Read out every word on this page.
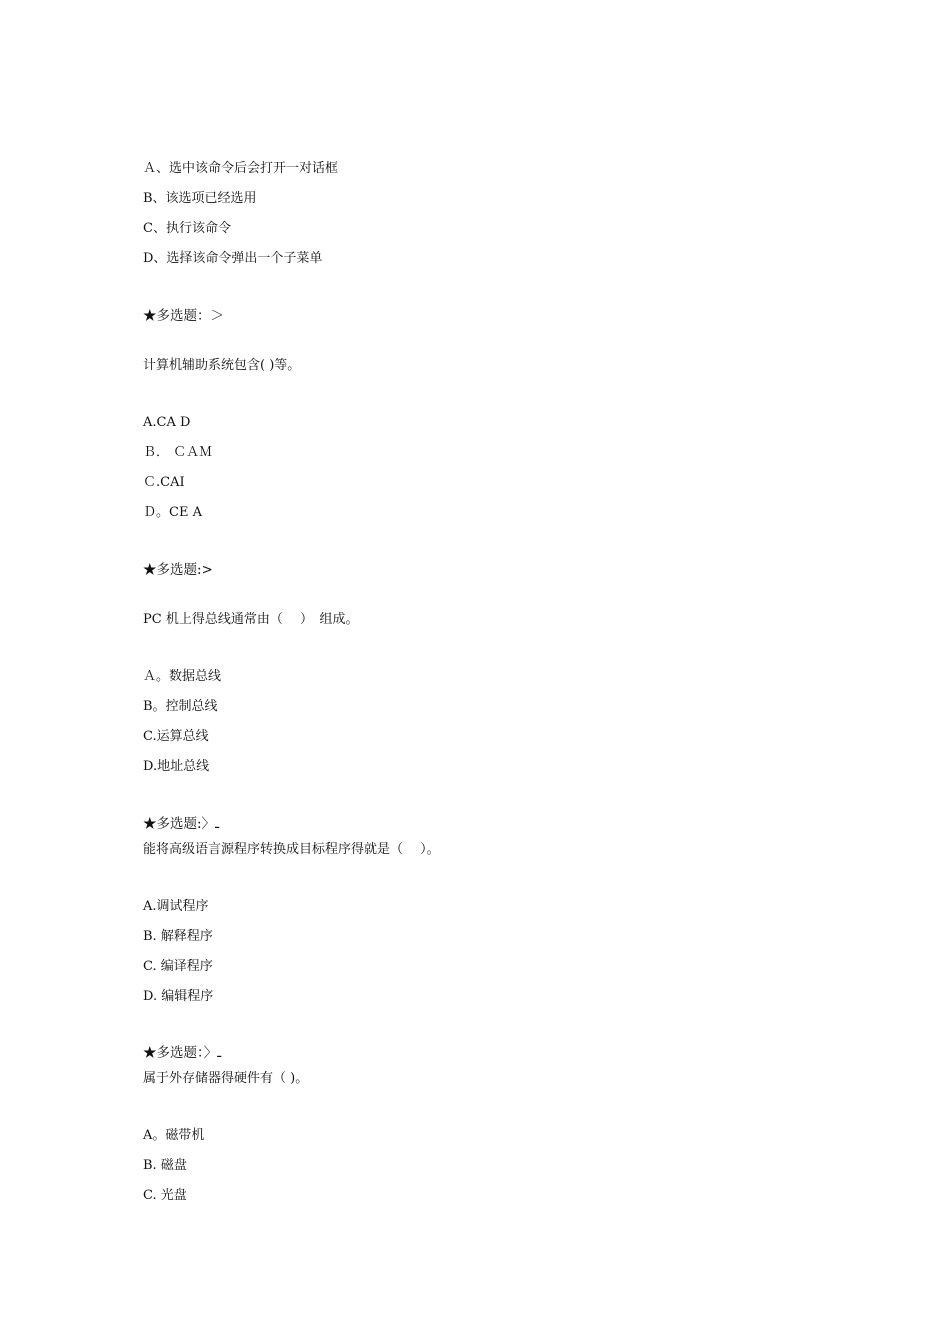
Ａ、选中该命令后会打开一对话框
B、该选项已经选用
C、执行该命令
D、选择该命令弹出一个子菜单
★多选题：＞
计算机辅助系统包含( )等。
A.CA D
Ｂ． ＣＡＭ
Ｃ.CAI
Ｄ。CE A
★多选题:>
PC 机上得总线通常由（　 ）　组成。
Ａ。数据总线
B。控制总线
C.运算总线
D.地址总线
★多选题:〉ـ
能将高级语言源程序转换成目标程序得就是（　 ）。
A.调试程序
B. 解释程序
C. 编译程序
D. 编辑程序
★多选题：〉ـ
属于外存储器得硬件有（ )。
A。磁带机
B. 磁盘
C. 光盘
